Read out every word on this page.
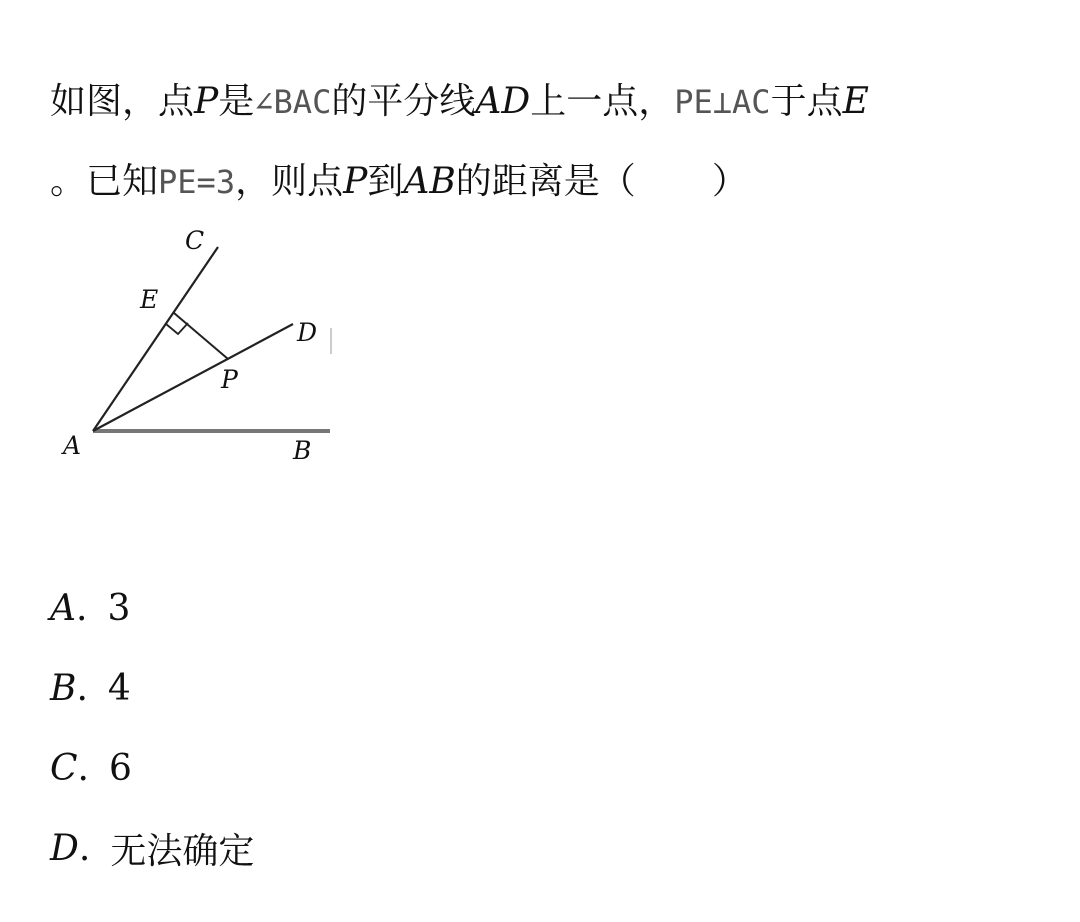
如图，点P是∠BAC的平分线AD上一点，PE⊥AC于点E
。已知PE=3，则点P到AB的距离是（ ）
A	B
C
D
E
P
A . 3
B . 4
C . 6
D . 无法确定
